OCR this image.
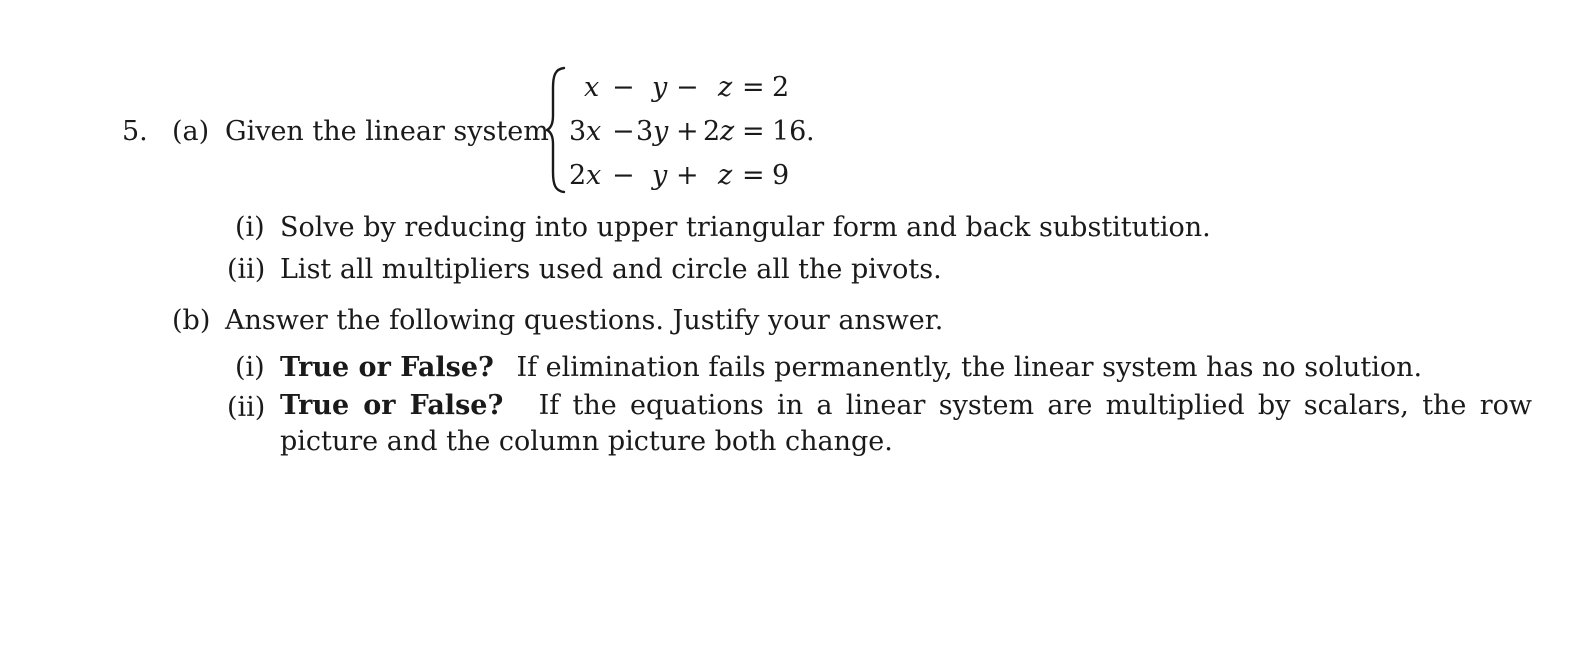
5. (a) Given the linear system
x − y − z = 2
3 x − 3 y + 2 z = 16 .
2 x − y + z = 9
(i) Solve by reducing into upper triangular form and back substitution.
(ii) List all multipliers used and circle all the pivots.
(b) Answer the following questions. Justify your answer.
(i) True or False? If elimination fails permanently, the linear system has no solution.
(ii) True or False? If the equations in a linear system are multiplied by scalars, the row picture and the column picture both change.
